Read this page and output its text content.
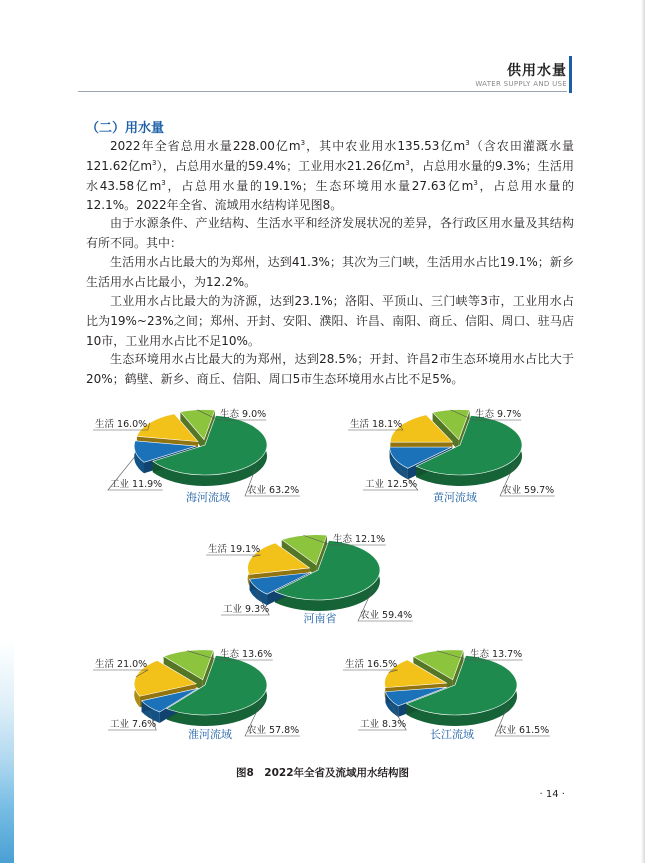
供用水量
WATER SUPPLY AND USE
（二）用水量

2022年全省总用水量228.00亿$m^3$，其中农业用水135.53亿$m^3$（含农田灌溉水量121.62亿$m^3$），占总用水量的59.4%；工业用水21.26亿$m^3$，占总用水量的9.3%；生活用水43.58亿$m^3$，占总用水量的19.1%；生态环境用水量27.63亿$m^3$，占总用水量的12.1%。2022年全省、流域用水结构详见图8。

由于水源条件、产业结构、生活水平和经济发展状况的差异，各行政区用水量及其结构有所不同。其中：

生活用水占比最大的为郑州，达到41.3%；其次为三门峡，生活用水占比19.1%；新乡生活用水占比最小，为12.2%。

工业用水占比最大的为济源，达到23.1%；洛阳、平顶山、三门峡等3市，工业用水占比为19%~23%之间；郑州、开封、安阳、濮阳、许昌、南阳、商丘、信阳、周口、驻马店10市，工业用水占比不足10%。

生态环境用水占比最大的为郑州，达到28.5%；开封、许昌2市生态环境用水占比大于20%；鹤壁、新乡、商丘、信阳、周口5市生态环境用水占比不足5%。

农业 63.2%
工业 11.9%
生活 16.0%
生态 9.0%
海河流域
农业 59.7%
工业 12.5%
生活 18.1%
生态 9.7%
黄河流域
农业 59.4%
工业 9.3%
生活 19.1%
生态 12.1%
河南省
农业 57.8%
工业 7.6%
生活 21.0%
生态 13.6%
淮河流域	农业 61.5%
工业 8.3%
生活 16.5%
生态 13.7%
长江流域
图8　2022年全省及流域用水结构图
· 14 ·
